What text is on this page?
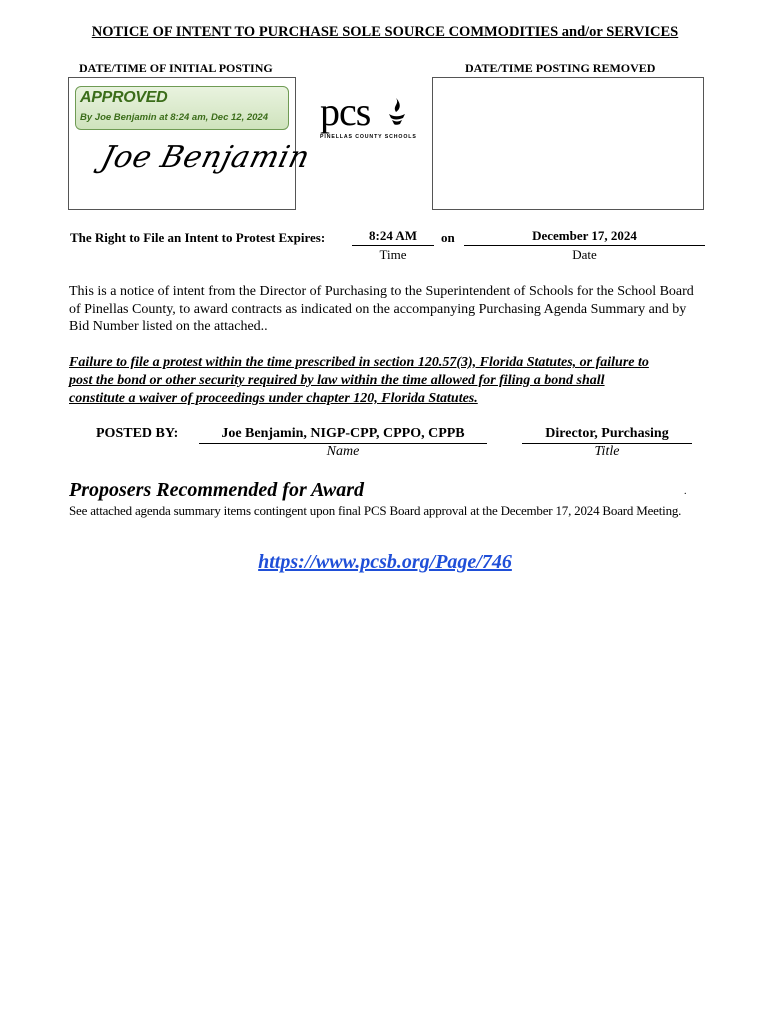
NOTICE OF INTENT TO PURCHASE SOLE SOURCE COMMODITIES and/or SERVICES
DATE/TIME OF INITIAL POSTING	DATE/TIME POSTING REMOVED
APPROVED
By Joe Benjamin at 8:24 am, Dec 12, 2024
Joe Benjamin
pcs
PINELLAS COUNTY SCHOOLS
The Right to File an Intent to Protest Expires:	8:24 AM
Time
on	December 17, 2024
Date
This is a notice of intent from the Director of Purchasing to the Superintendent of Schools for the School Board of Pinellas County, to award contracts as indicated on the accompanying Purchasing Agenda Summary and by Bid Number listed on the attached..
Failure to file a protest within the time prescribed in section 120.57(3), Florida Statutes, or failure to
post the bond or other security required by law within the time allowed for filing a bond shall
constitute a waiver of proceedings under chapter 120, Florida Statutes.
POSTED BY:	Joe Benjamin, NIGP-CPP, CPPO, CPPB
Name
Director, Purchasing
Title
Proposers Recommended for Award	.
See attached agenda summary items contingent upon final PCS Board approval at the December 17, 2024 Board Meeting.
https://www.pcsb.org/Page/746
